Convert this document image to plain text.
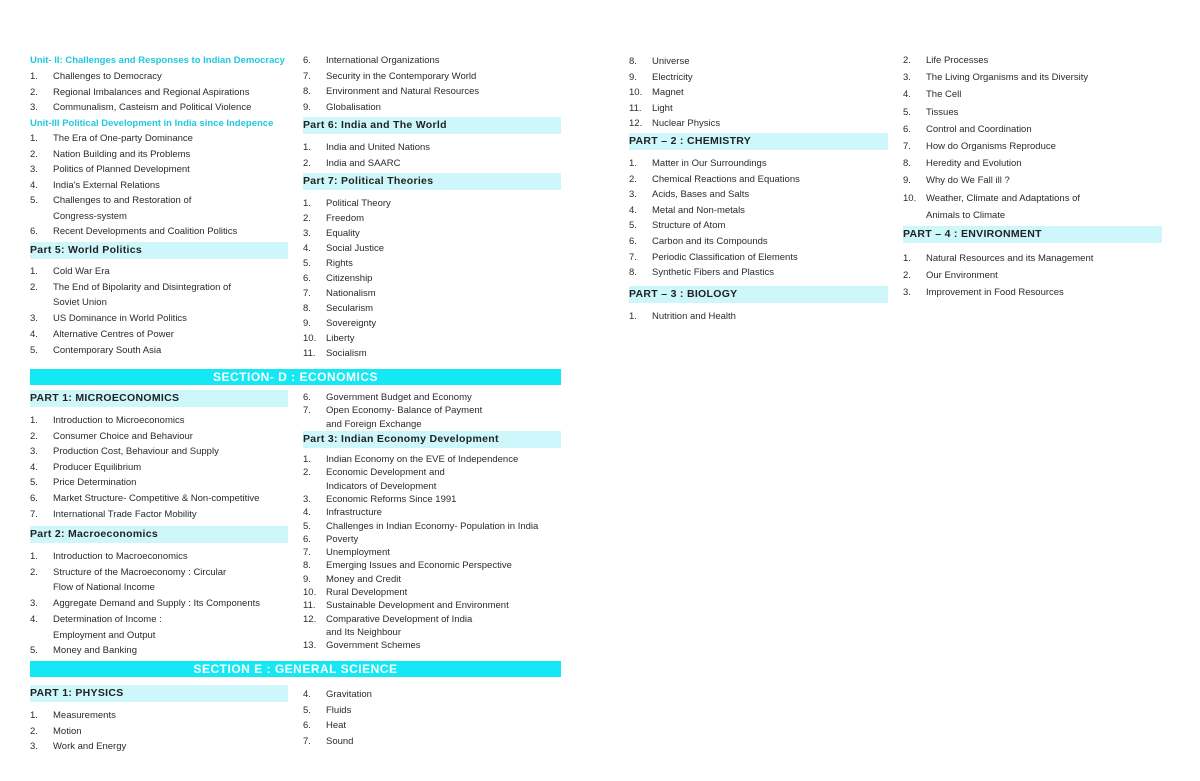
Unit- II: Challenges and Responses to Indian Democracy
1. Challenges to Democracy
2. Regional Imbalances and Regional Aspirations
3. Communalism, Casteism and Political Violence
Unit-III Political Development in India since Indepence
1. The Era of One-party Dominance
2. Nation Building and its Problems
3. Politics of Planned Development
4. India's External Relations
5. Challenges to and Restoration of
Congress-system
6. Recent Developments and Coalition Politics
Part 5: World Politics
1. Cold War Era
2. The End of Bipolarity and Disintegration of
Soviet Union
3. US Dominance in World Politics
4. Alternative Centres of Power
5. Contemporary South Asia
6. International Organizations
7. Security in the Contemporary World
8. Environment and Natural Resources
9. Globalisation
Part 6: India and The World
1. India and United Nations
2. India and SAARC
Part 7: Political Theories
1. Political Theory
2. Freedom
3. Equality
4. Social Justice
5. Rights
6. Citizenship
7. Nationalism
8. Secularism
9. Sovereignty
10. Liberty
11. Socialism
SECTION- D : ECONOMICS
PART 1: MICROECONOMICS
1. Introduction to Microeconomics
2. Consumer Choice and Behaviour
3. Production Cost, Behaviour and Supply
4. Producer Equilibrium
5. Price Determination
6. Market Structure- Competitive & Non-competitive
7. International Trade Factor Mobility
Part 2: Macroeconomics
1. Introduction to Macroeconomics
2. Structure of the Macroeconomy : Circular
Flow of National Income
3. Aggregate Demand and Supply : Its Components
4. Determination of Income :
Employment and Output
5. Money and Banking
6. Government Budget and Economy
7. Open Economy- Balance of Payment
and Foreign Exchange
Part 3: Indian Economy Development
1. Indian Economy on the EVE of Independence
2. Economic Development and
Indicators of Development
3. Economic Reforms Since 1991
4. Infrastructure
5. Challenges in Indian Economy- Population in India
6. Poverty
7. Unemployment
8. Emerging Issues and Economic Perspective
9. Money and Credit
10. Rural Development
11. Sustainable Development and Environment
12. Comparative Development of India
and Its Neighbour
13. Government Schemes
SECTION E : GENERAL SCIENCE
PART 1: PHYSICS
1. Measurements
2. Motion
3. Work and Energy
4. Gravitation
5. Fluids
6. Heat
7. Sound
8. Universe
9. Electricity
10. Magnet
11. Light
12. Nuclear Physics
PART – 2 : CHEMISTRY
1. Matter in Our Surroundings
2. Chemical Reactions and Equations
3. Acids, Bases and Salts
4. Metal and Non-metals
5. Structure of Atom
6. Carbon and its Compounds
7. Periodic Classification of Elements
8. Synthetic Fibers and Plastics
PART – 3 : BIOLOGY
1. Nutrition and Health
2. Life Processes
3. The Living Organisms and its Diversity
4. The Cell
5. Tissues
6. Control and Coordination
7. How do Organisms Reproduce
8. Heredity and Evolution
9. Why do We Fall ill ?
10. Weather, Climate and Adaptations of
Animals to Climate
PART – 4 : ENVIRONMENT
1. Natural Resources and its Management
2. Our Environment
3. Improvement in Food Resources
